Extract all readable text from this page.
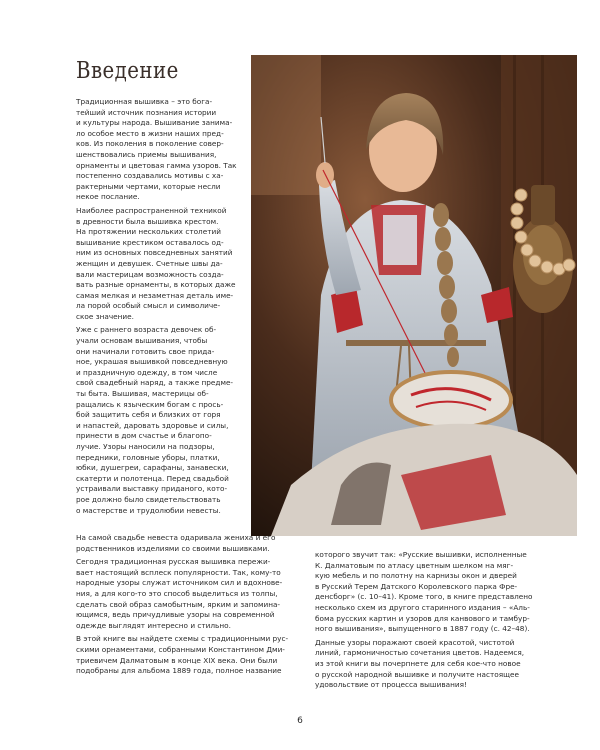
Введение

Традиционная вышивка – это бога-
тейший источник познания истории
и культуры народа. Вышивание занима-
ло особое место в жизни наших пред-
ков. Из поколения в поколение совер-
шенствовались приемы вышивания,
орнаменты и цветовая гамма узоров. Так
постепенно создавались мотивы с ха-
рактерными чертами, которые несли
некое послание.

Наиболее распространенной техникой
в древности была вышивка крестом.
На протяжении нескольких столетий
вышивание крестиком оставалось од-
ним из основных повседневных занятий
женщин и девушек. Счетные швы да-
вали мастерицам возможность созда-
вать разные орнаменты, в которых даже
самая мелкая и незаметная деталь име-
ла порой особый смысл и символиче-
ское значение.

Уже с раннего возраста девочек об-
учали основам вышивания, чтобы
они начинали готовить свое прида-
ное, украшая вышивкой повседневную
и праздничную одежду, в том числе
свой свадебный наряд, а также предме-
ты быта. Вышивая, мастерицы об-
ращались к языческим богам с прось-
бой защитить себя и близких от горя
и напастей, даровать здоровье и силы,
принести в дом счастье и благопо-
лучие. Узоры наносили на подзоры,
передники, головные уборы, платки,
юбки, душегреи, сарафаны, занавески,
скатерти и полотенца. Перед свадьбой
устраивали выставку приданого, кото-
рое должно было свидетельствовать
о мастерстве и трудолюбии невесты.

На самой свадьбе невеста одаривала жениха и его
родственников изделиями со своими вышивками.

Сегодня традиционная русская вышивка пережи-
вает настоящий всплеск популярности. Так, кому-то
народные узоры служат источником сил и вдохнове-
ния, а для кого-то это способ выделиться из толпы,
сделать свой образ самобытным, ярким и запомина-
ющимся, ведь причудливые узоры на современной
одежде выглядят интересно и стильно.

В этой книге вы найдете схемы с традиционными рус-
скими орнаментами, собранными Константином Дми-
триевичем Далматовым в конце XIX века. Они были
подобраны для альбома 1889 года, полное название

которого звучит так: «Русские вышивки, исполненные
К. Далматовым по атласу цветным шелком на мяг-
кую мебель и по полотну на карнизы окон и дверей
в Русский Терем Датского Королевского парка Фре-
денсборг» (с. 10–41). Кроме того, в книге представлено
несколько схем из другого старинного издания – «Аль-
бома русских картин и узоров для канвового и тамбур-
ного вышивания», выпущенного в 1887 году (с. 42–48).

Данные узоры поражают своей красотой, чистотой
линий, гармоничностью сочетания цветов. Надеемся,
из этой книги вы почерпнете для себя кое-что новое
о русской народной вышивке и получите настоящее
удовольствие от процесса вышивания!

6
